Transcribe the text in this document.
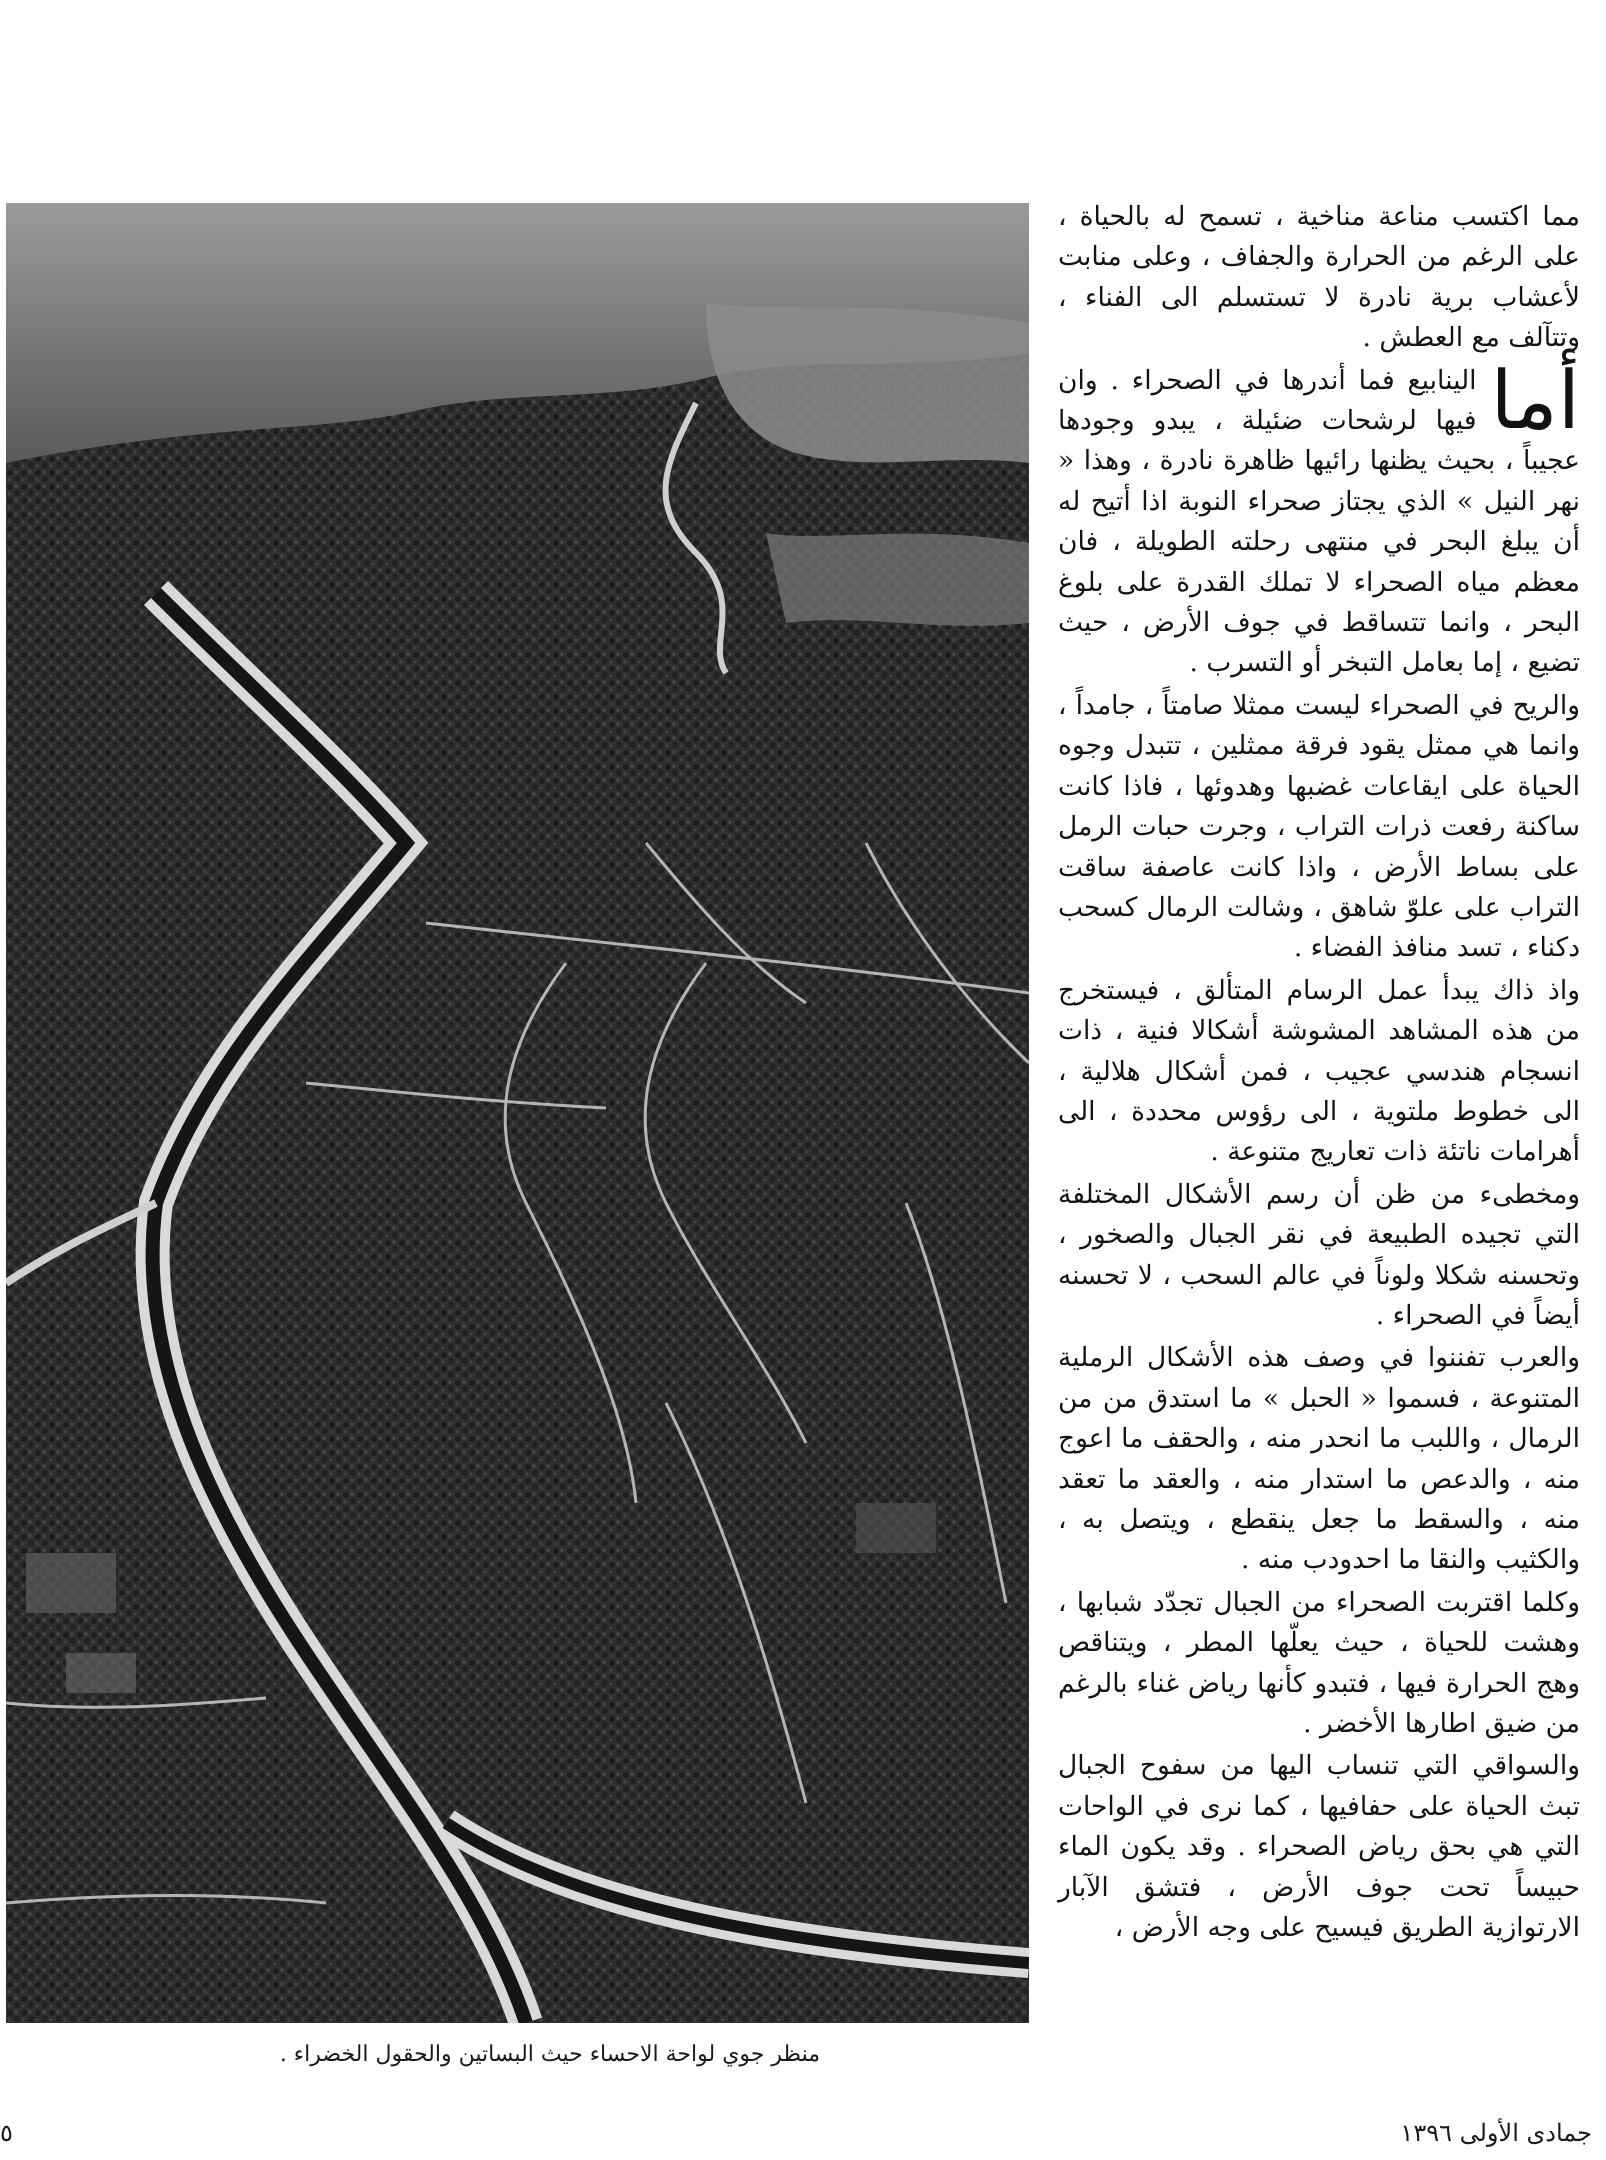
منظر جوي لواحة الاحساء حيث البساتين والحقول الخضراء .

مما اكتسب مناعة مناخية ، تسمح له بالحياة ، على الرغم من الحرارة والجفاف ، وعلى منابت لأعشاب برية نادرة لا تستسلم الى الفناء ، وتتآلف مع العطش .

أما
الينابيع فما أندرها في الصحراء . وان فيها لرشحات ضئيلة ، يبدو وجودها عجيباً ، بحيث يظنها رائيها ظاهرة نادرة ، وهذا « نهر النيل » الذي يجتاز صحراء النوبة اذا أتيح له أن يبلغ البحر في منتهى رحلته الطويلة ، فان معظم مياه الصحراء لا تملك القدرة على بلوغ البحر ، وانما تتساقط في جوف الأرض ، حيث تضيع ، إما بعامل التبخر أو التسرب .

والريح في الصحراء ليست ممثلا صامتاً ، جامداً ، وانما هي ممثل يقود فرقة ممثلين ، تتبدل وجوه الحياة على ايقاعات غضبها وهدوئها ، فاذا كانت ساكنة رفعت ذرات التراب ، وجرت حبات الرمل على بساط الأرض ، واذا كانت عاصفة ساقت التراب على علوّ شاهق ، وشالت الرمال كسحب دكناء ، تسد منافذ الفضاء .

واذ ذاك يبدأ عمل الرسام المتألق ، فيستخرج من هذه المشاهد المشوشة أشكالا فنية ، ذات انسجام هندسي عجيب ، فمن أشكال هلالية ، الى خطوط ملتوية ، الى رؤوس محددة ، الى أهرامات ناتئة ذات تعاريج متنوعة .

ومخطىء من ظن أن رسم الأشكال المختلفة التي تجيده الطبيعة في نقر الجبال والصخور ، وتحسنه شكلا ولوناً في عالم السحب ، لا تحسنه أيضاً في الصحراء .

والعرب تفننوا في وصف هذه الأشكال الرملية المتنوعة ، فسموا « الحبل » ما استدق من من الرمال ، واللبب ما انحدر منه ، والحقف ما اعوج منه ، والدعص ما استدار منه ، والعقد ما تعقد منه ، والسقط ما جعل ينقطع ، ويتصل به ، والكثيب والنقا ما احدودب منه .

وكلما اقتربت الصحراء من الجبال تجدّد شبابها ، وهشت للحياة ، حيث يعلّها المطر ، ويتناقص وهج الحرارة فيها ، فتبدو كأنها رياض غناء بالرغم من ضيق اطارها الأخضر .

والسواقي التي تنساب اليها من سفوح الجبال تبث الحياة على حفافيها ، كما نرى في الواحات التي هي بحق رياض الصحراء . وقد يكون الماء حبيساً تحت جوف الأرض ، فتشق الآبار الارتوازية الطريق فيسيح على وجه الأرض ،

جمادى الأولى ١٣٩٦
٥
